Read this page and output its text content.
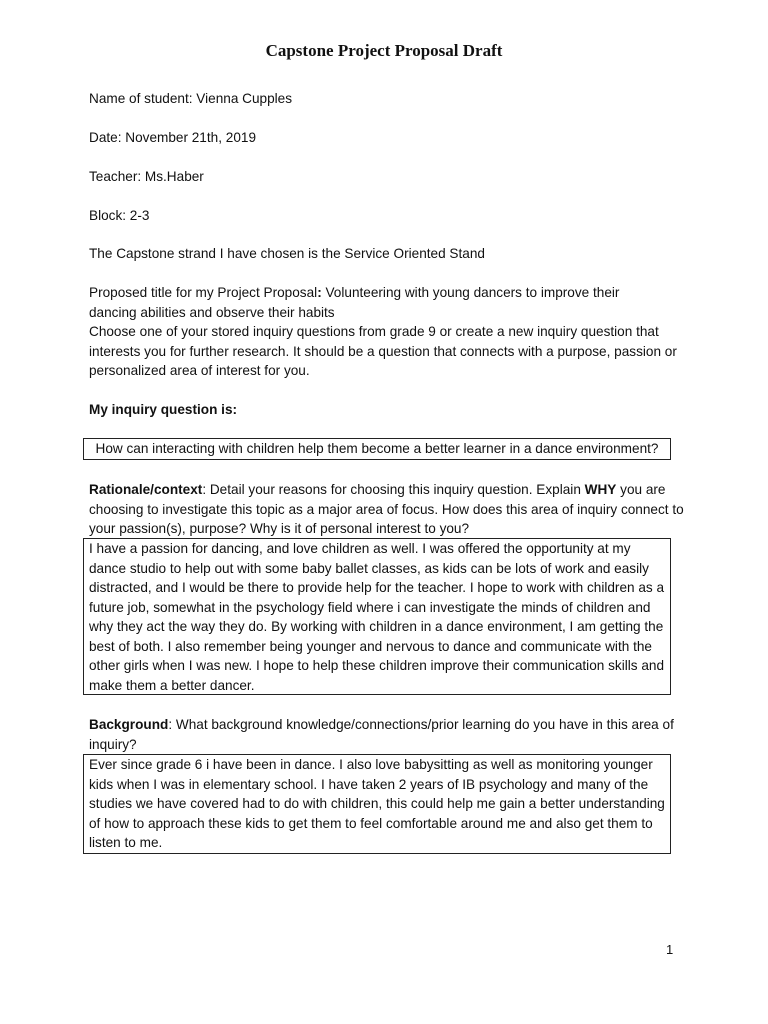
Capstone Project Proposal Draft
Name of student: Vienna Cupples
Date: November 21th, 2019
Teacher: Ms.Haber
Block: 2-3
The Capstone strand I have chosen is the Service Oriented Stand
Proposed title for my Project Proposal: Volunteering with young dancers to improve their dancing abilities and observe their habits
Choose one of your stored inquiry questions from grade 9 or create a new inquiry question that interests you for further research. It should be a question that connects with a purpose, passion or personalized area of interest for you.
My inquiry question is:
How can interacting with children help them become a better learner in a dance environment?
Rationale/context: Detail your reasons for choosing this inquiry question. Explain WHY you are choosing to investigate this topic as a major area of focus. How does this area of inquiry connect to your passion(s), purpose? Why is it of personal interest to you?
I have a passion for dancing, and love children as well. I was offered the opportunity at my dance studio to help out with some baby ballet classes, as kids can be lots of work and easily distracted, and I would be there to provide help for the teacher. I hope to work with children as a future job, somewhat in the psychology field where i can investigate the minds of children and why they act the way they do. By working with children in a dance environment, I am getting the best of both. I also remember being younger and nervous to dance and communicate with the other girls when I was new. I hope to help these children improve their communication skills and make them a better dancer.
Background: What background knowledge/connections/prior learning do you have in this area of inquiry?
Ever since grade 6 i have been in dance. I also love babysitting as well as monitoring younger kids when I was in elementary school. I have taken 2 years of IB psychology and many of the studies we have covered had to do with children, this could help me gain a better understanding of how to approach these kids to get them to feel comfortable around me and also get them to listen to me.
1
